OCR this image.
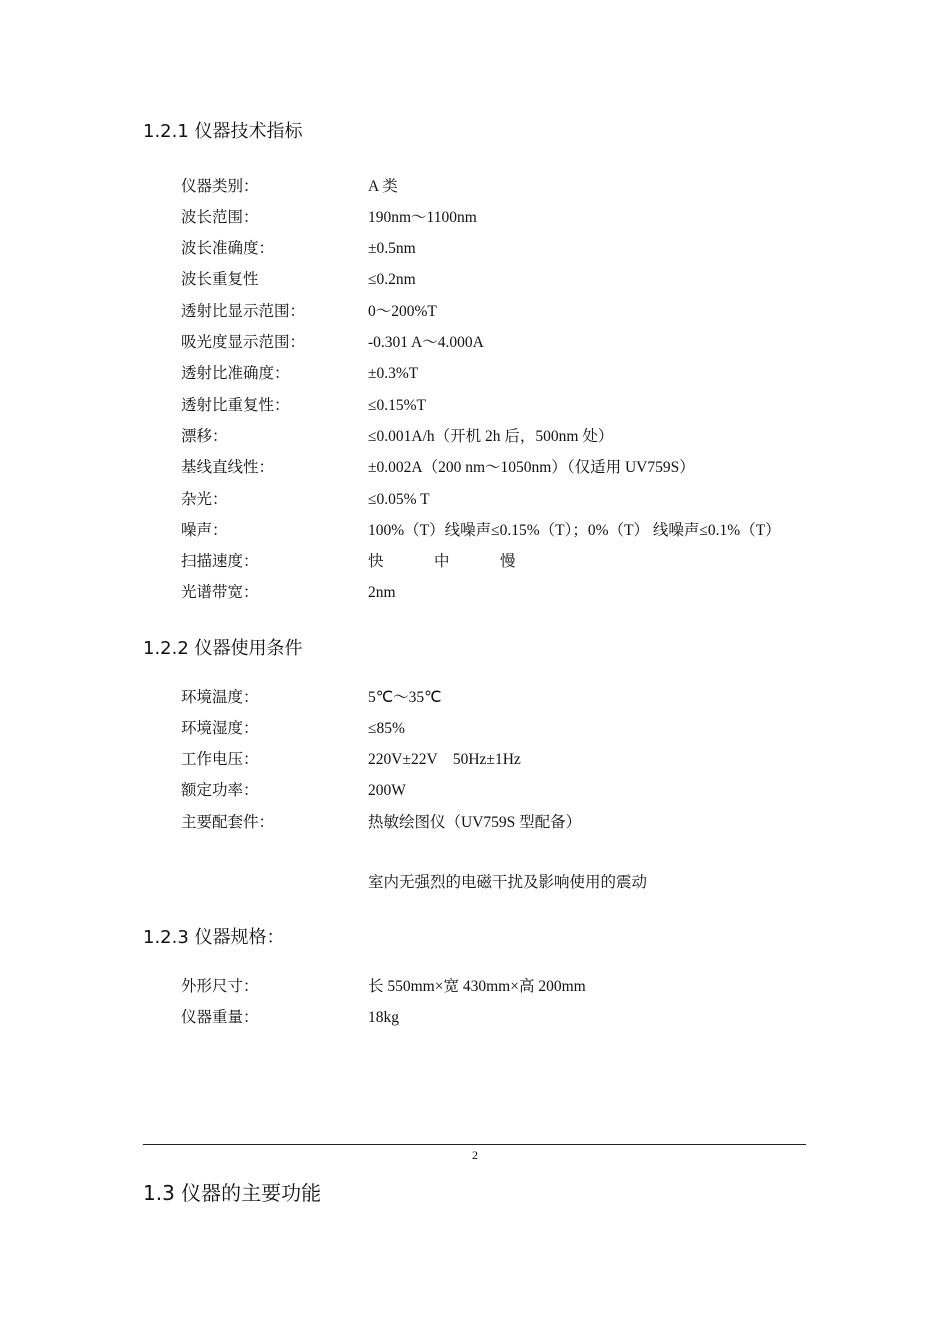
1.2.1 仪器技术指标
仪器类别：	A 类
波长范围：	190nm～1100nm
波长准确度：	±0.5nm
波长重复性	≤0.2nm
透射比显示范围：	0～200%T
吸光度显示范围：	-0.301 A～4.000A
透射比准确度：	±0.3%T
透射比重复性：	≤0.15%T
漂移：	≤0.001A/h（开机 2h 后，500nm 处）
基线直线性：	±0.002A（200 nm～1050nm）（仅适用 UV759S）
杂光：	≤0.05% T
噪声：	100%（T）线噪声≤0.15%（T）；0%（T） 线噪声≤0.1%（T）
扫描速度：	快	中	慢
光谱带宽：	2nm
1.2.2 仪器使用条件
环境温度：	5℃～35℃
环境湿度：	≤85%
工作电压：	220V±22V　50Hz±1Hz
额定功率：	200W
主要配套件：	热敏绘图仪（UV759S 型配备）
室内无强烈的电磁干扰及影响使用的震动
1.2.3 仪器规格：
外形尺寸：	长 550mm×宽 430mm×高 200mm
仪器重量：	18kg
2
1.3 仪器的主要功能
